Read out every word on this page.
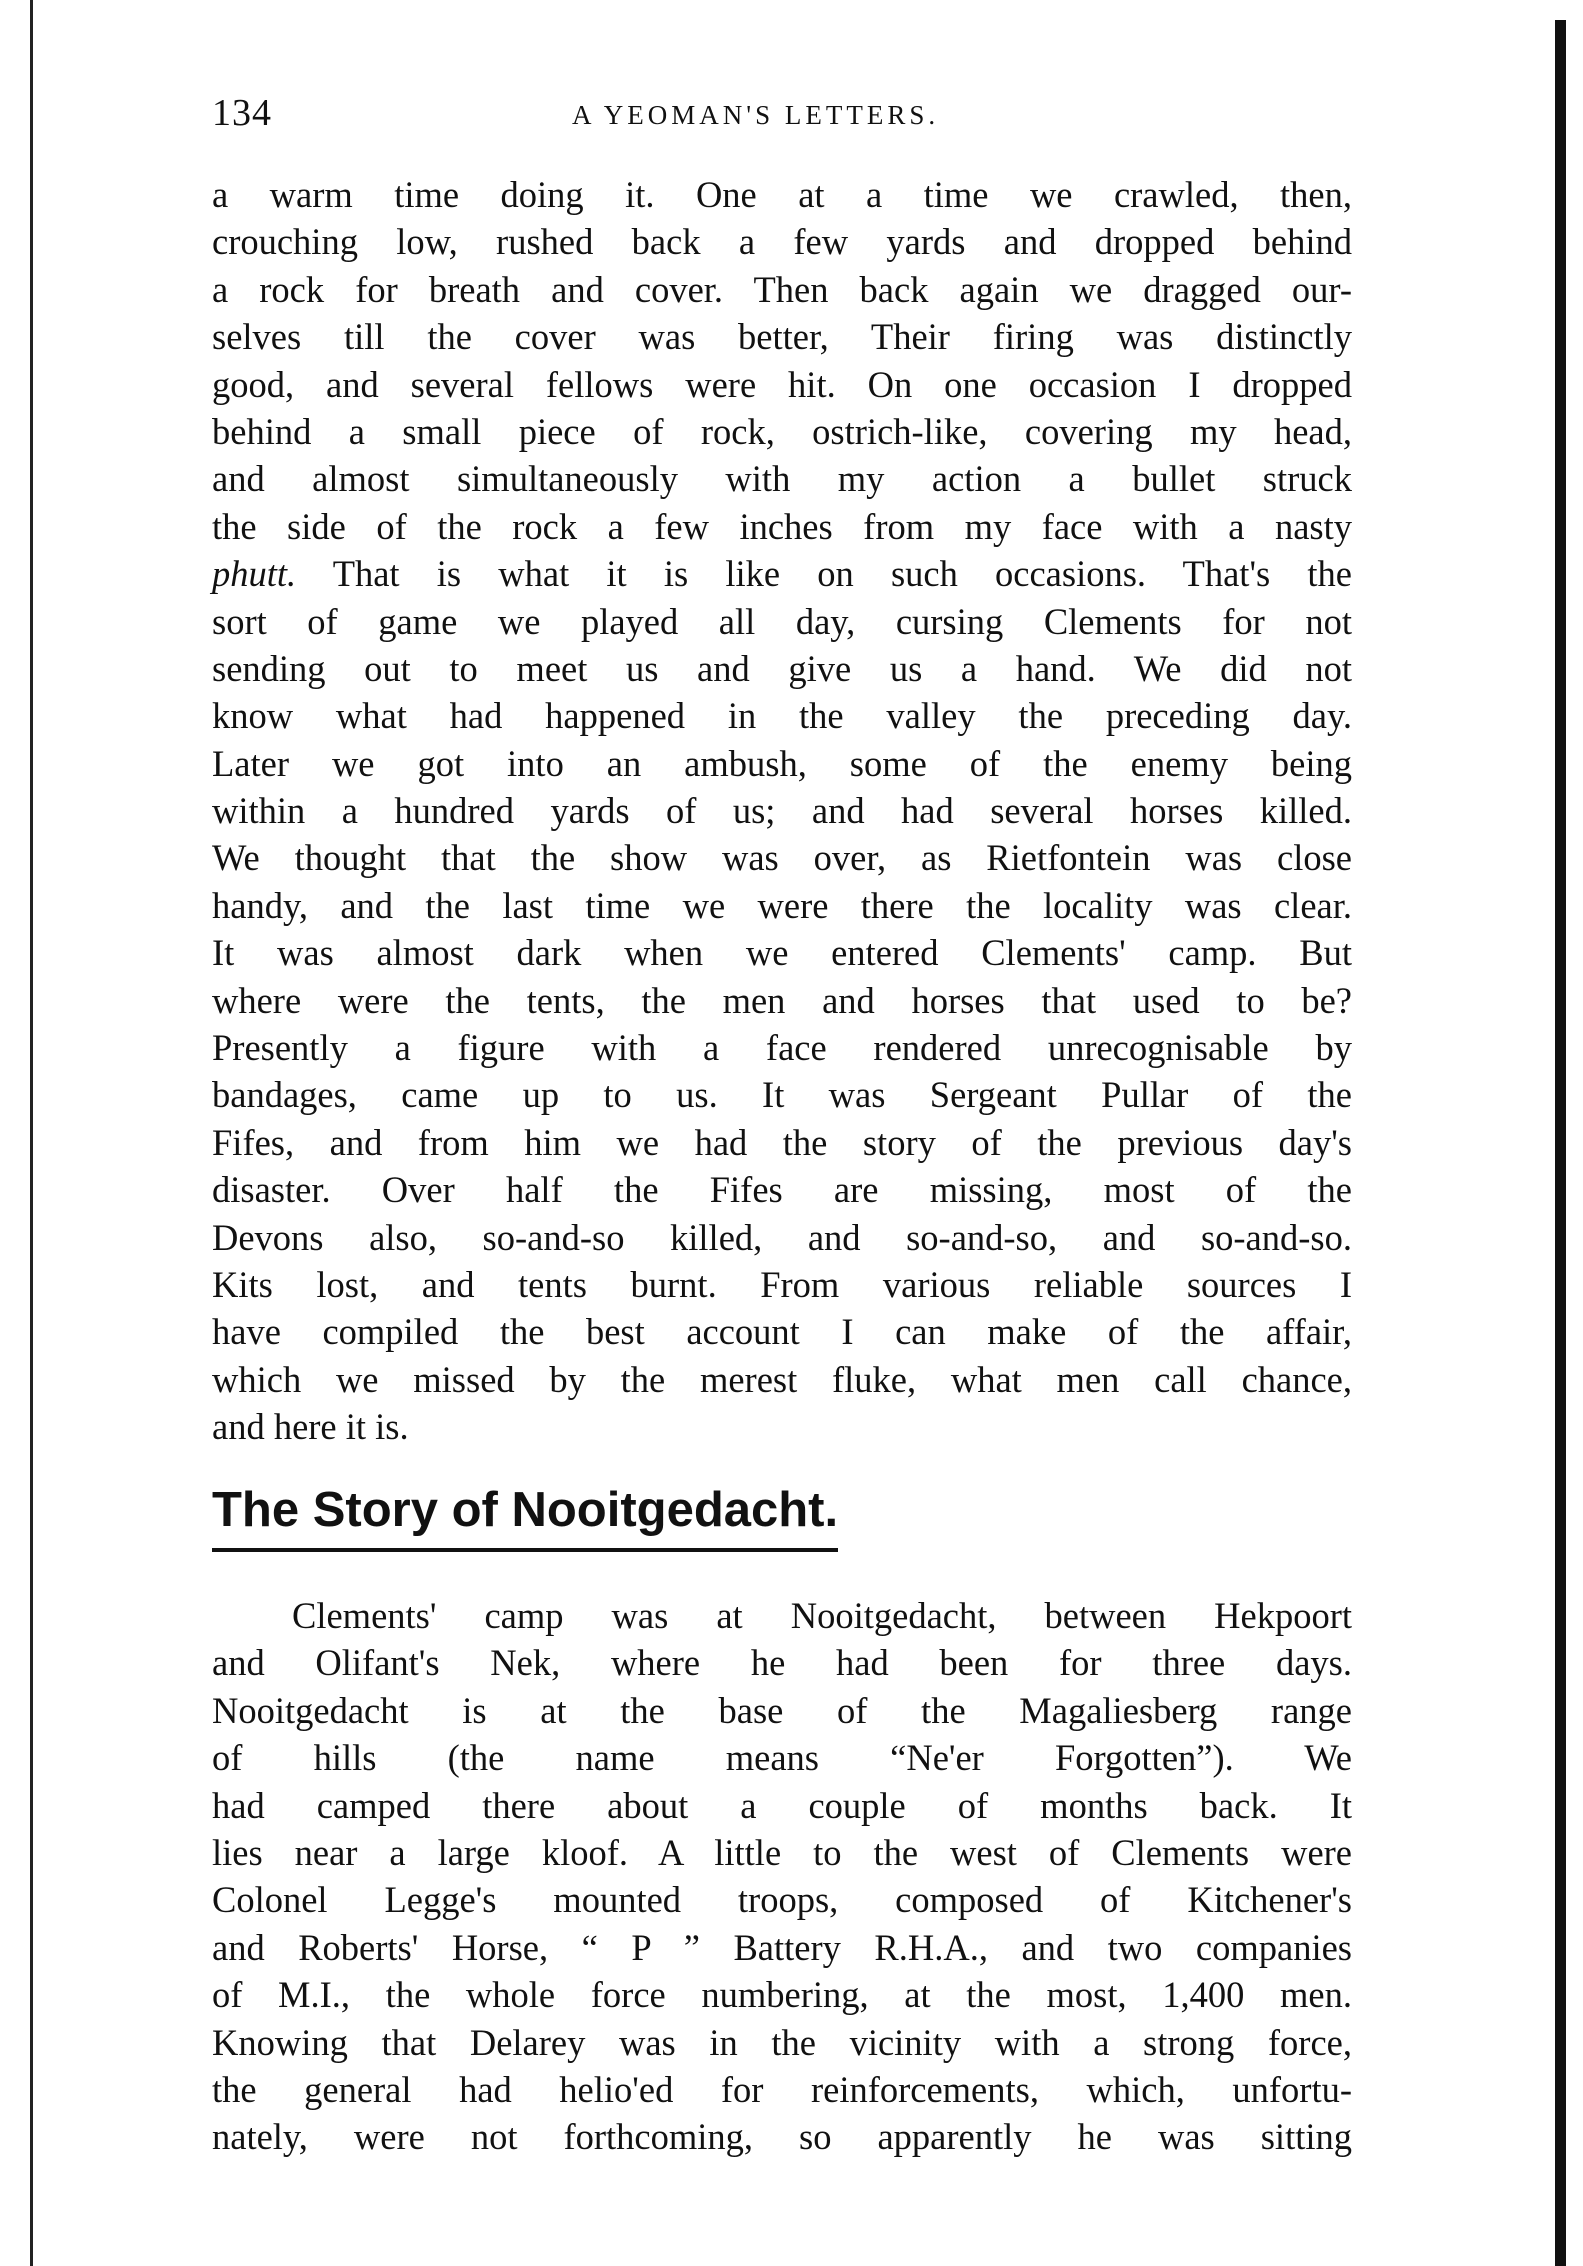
134	A YEOMAN'S LETTERS.
a warm time doing it. One at a time we crawled, then,
crouching low, rushed back a few yards and dropped behind
a rock for breath and cover. Then back again we dragged our-
selves till the cover was better, Their firing was distinctly
good, and several fellows were hit. On one occasion I dropped
behind a small piece of rock, ostrich-like, covering my head,
and almost simultaneously with my action a bullet struck
the side of the rock a few inches from my face with a nasty
phutt. That is what it is like on such occasions. That's the
sort of game we played all day, cursing Clements for not
sending out to meet us and give us a hand. We did not
know what had happened in the valley the preceding day.
Later we got into an ambush, some of the enemy being
within a hundred yards of us; and had several horses killed.
We thought that the show was over, as Rietfontein was close
handy, and the last time we were there the locality was clear.
It was almost dark when we entered Clements' camp. But
where were the tents, the men and horses that used to be?
Presently a figure with a face rendered unrecognisable by
bandages, came up to us. It was Sergeant Pullar of the
Fifes, and from him we had the story of the previous day's
disaster. Over half the Fifes are missing, most of the
Devons also, so-and-so killed, and so-and-so, and so-and-so.
Kits lost, and tents burnt. From various reliable sources I
have compiled the best account I can make of the affair,
which we missed by the merest fluke, what men call chance,
and here it is.
The Story of Nooitgedacht.
Clements' camp was at Nooitgedacht, between Hekpoort
and Olifant's Nek, where he had been for three days.
Nooitgedacht is at the base of the Magaliesberg range
of hills (the name means “Ne'er Forgotten”). We
had camped there about a couple of months back. It
lies near a large kloof. A little to the west of Clements were
Colonel Legge's mounted troops, composed of Kitchener's
and Roberts' Horse, “ P ” Battery R.H.A., and two companies
of M.I., the whole force numbering, at the most, 1,400 men.
Knowing that Delarey was in the vicinity with a strong force,
the general had helio'ed for reinforcements, which, unfortu-
nately, were not forthcoming, so apparently he was sitting
